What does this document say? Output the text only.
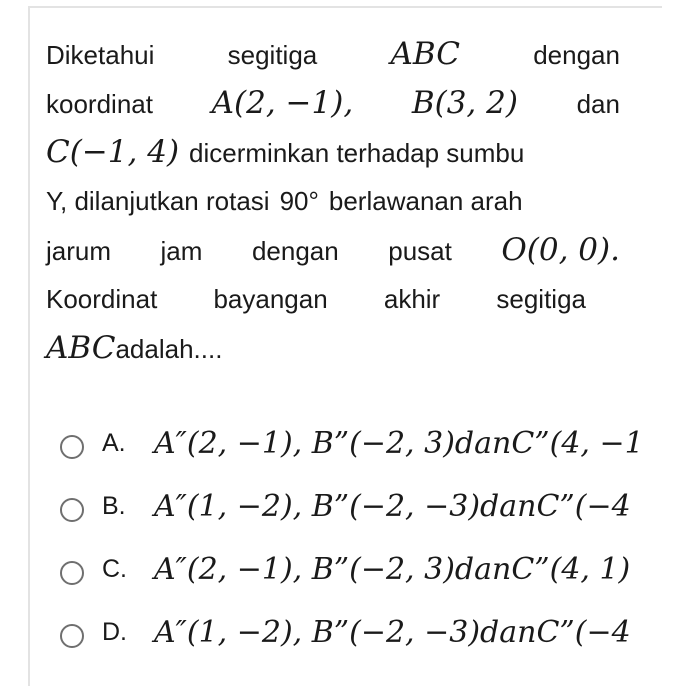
Diketahui	segitiga ABC	dengan
koordinat A(2, −1), B(3, 2) dan
C(−1, 4) dicerminkan terhadap sumbu
Y, dilanjutkan rotasi 90° berlawanan arah
jarum jam dengan pusat O(0, 0).
Koordinat bayangan akhir segitiga
ABC adalah....
A. A″(2, −1), B”(−2, 3)danC”(4, −1
B. A″(1, −2), B”(−2, −3)danC”(−4
C. A″(2, −1), B”(−2, 3)danC”(4, 1)
D. A″(1, −2), B”(−2, −3)danC”(−4
